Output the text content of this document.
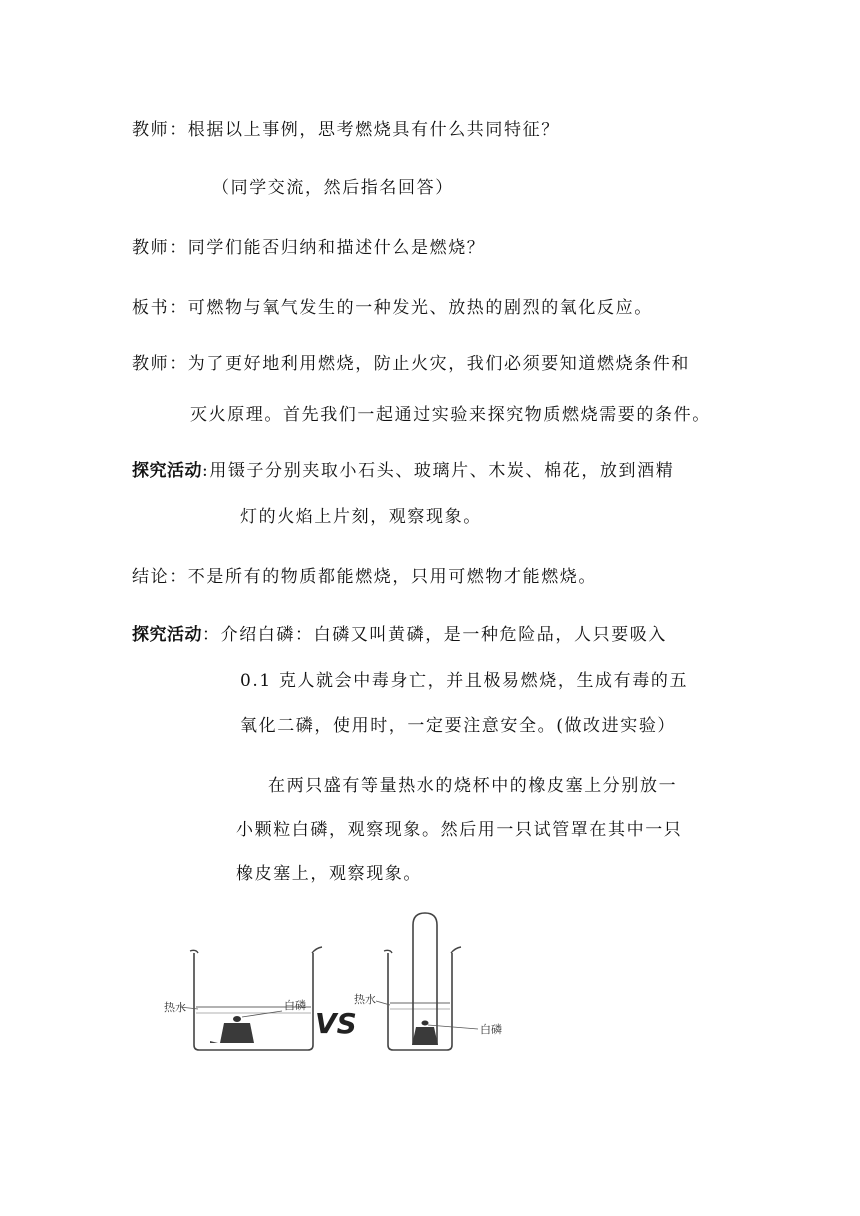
教师：根据以上事例，思考燃烧具有什么共同特征？
（同学交流，然后指名回答）
教师：同学们能否归纳和描述什么是燃烧？
板书：可燃物与氧气发生的一种发光、放热的剧烈的氧化反应。
教师：为了更好地利用燃烧，防止火灾，我们必须要知道燃烧条件和
灭火原理。首先我们一起通过实验来探究物质燃烧需要的条件。
探究活动:用镊子分别夹取小石头、玻璃片、木炭、棉花，放到酒精
灯的火焰上片刻，观察现象。
结论：不是所有的物质都能燃烧，只用可燃物才能燃烧。
探究活动：介绍白磷：白磷又叫黄磷，是一种危险品，人只要吸入
0.1 克人就会中毒身亡，并且极易燃烧，生成有毒的五
氧化二磷，使用时，一定要注意安全。(做改进实验）
在两只盛有等量热水的烧杯中的橡皮塞上分别放一
小颗粒白磷，观察现象。然后用一只试管罩在其中一只
橡皮塞上，观察现象。
热水	白磷
VS
热水
白磷
